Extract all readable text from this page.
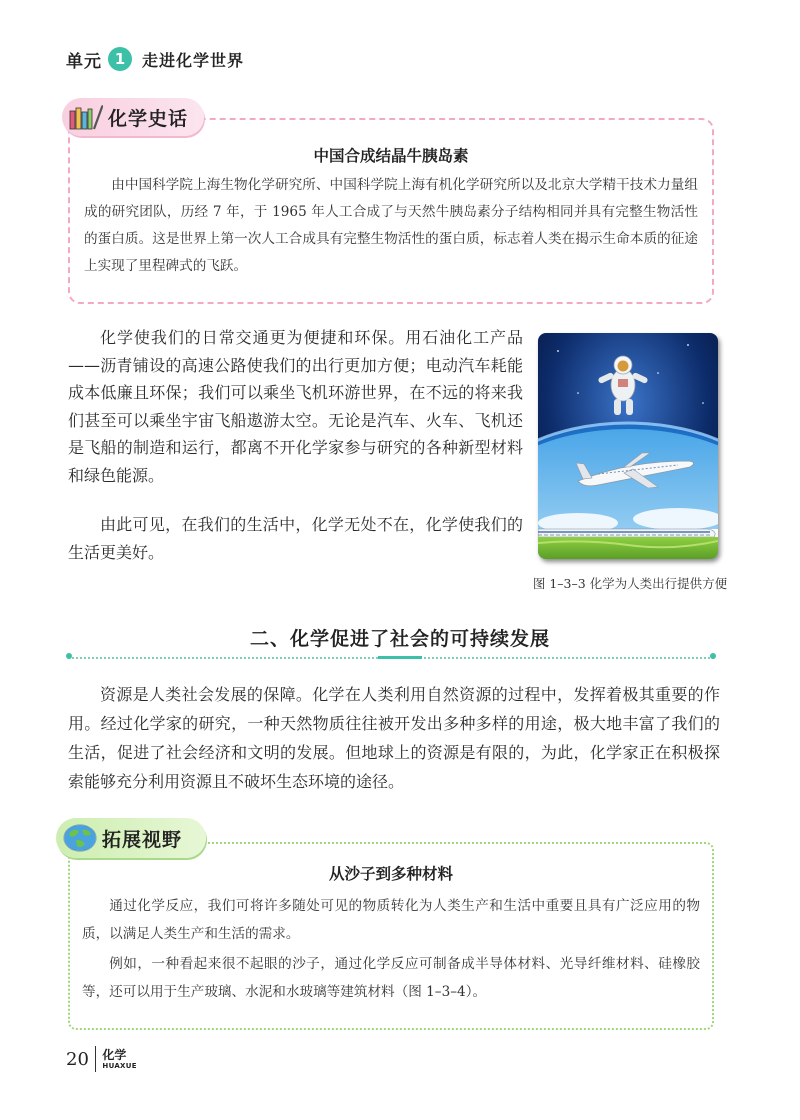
单元 1	走进化学世界
化学史话
中国合成结晶牛胰岛素
由中国科学院上海生物化学研究所、中国科学院上海有机化学研究所以及北京大学精干技术力量组成的研究团队，历经 7 年，于 1965 年人工合成了与天然牛胰岛素分子结构相同并具有完整生物活性的蛋白质。这是世界上第一次人工合成具有完整生物活性的蛋白质，标志着人类在揭示生命本质的征途上实现了里程碑式的飞跃。
化学使我们的日常交通更为便捷和环保。用石油化工产品——沥青铺设的高速公路使我们的出行更加方便；电动汽车耗能成本低廉且环保；我们可以乘坐飞机环游世界，在不远的将来我们甚至可以乘坐宇宙飞船遨游太空。无论是汽车、火车、飞机还是飞船的制造和运行，都离不开化学家参与研究的各种新型材料和绿色能源。
由此可见，在我们的生活中，化学无处不在，化学使我们的生活更美好。
图 1–3–3 化学为人类出行提供方便
二、化学促进了社会的可持续发展
资源是人类社会发展的保障。化学在人类利用自然资源的过程中，发挥着极其重要的作用。经过化学家的研究，一种天然物质往往被开发出多种多样的用途，极大地丰富了我们的生活，促进了社会经济和文明的发展。但地球上的资源是有限的，为此，化学家正在积极探索能够充分利用资源且不破坏生态环境的途径。
拓展视野
从沙子到多种材料
通过化学反应，我们可将许多随处可见的物质转化为人类生产和生活中重要且具有广泛应用的物质，以满足人类生产和生活的需求。
例如，一种看起来很不起眼的沙子，通过化学反应可制备成半导体材料、光导纤维材料、硅橡胶等，还可以用于生产玻璃、水泥和水玻璃等建筑材料（图 1–3–4）。
20 化学
HUAXUE
